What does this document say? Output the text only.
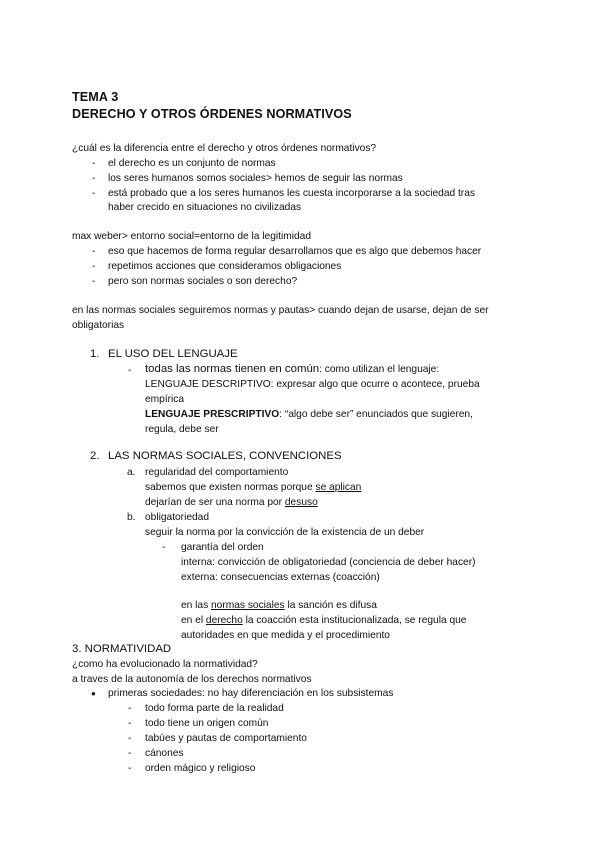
TEMA 3
DERECHO Y OTROS ÓRDENES NORMATIVOS
¿cuál es la diferencia entre el derecho y otros órdenes normativos?
- el derecho es un conjunto de normas
- los seres humanos somos sociales> hemos de seguir las normas
- está probado que a los seres humanos les cuesta incorporarse a la sociedad tras
haber crecido en situaciones no civilizadas
max weber> entorno social=entorno de la legitimidad
- eso que hacemos de forma regular desarrollamos que es algo que debemos hacer
- repetimos acciones que consideramos obligaciones
- pero son normas sociales o son derecho?
en las normas sociales seguiremos normas y pautas> cuando dejan de usarse, dejan de ser
obligatorias
1. EL USO DEL LENGUAJE
- todas las normas tienen en común: como utilizan el lenguaje:
LENGUAJE DESCRIPTIVO: expresar algo que ocurre o acontece, prueba
empírica
LENGUAJE PRESCRIPTIVO: “algo debe ser” enunciados que sugieren,
regula, debe ser
2. LAS NORMAS SOCIALES, CONVENCIONES
a. regularidad del comportamiento
sabemos que existen normas porque se aplican
dejarían de ser una norma por desuso
b. obligatoriedad
seguir la norma por la convicción de la existencia de un deber
- garantía del orden
interna: convicción de obligatoriedad (conciencia de deber hacer)
externa: consecuencias externas (coacción)
en las normas sociales la sanción es difusa
en el derecho la coacción esta institucionalizada, se regula que
autoridades en que medida y el procedimiento
3. NORMATIVIDAD
¿como ha evolucionado la normatividad?
a traves de la autonomía de los derechos normativos
● primeras sociedades: no hay diferenciación en los subsistemas
- todo forma parte de la realidad
- todo tiene un origen común
- tabúes y pautas de comportamiento
- cánones
- orden mágico y religioso
